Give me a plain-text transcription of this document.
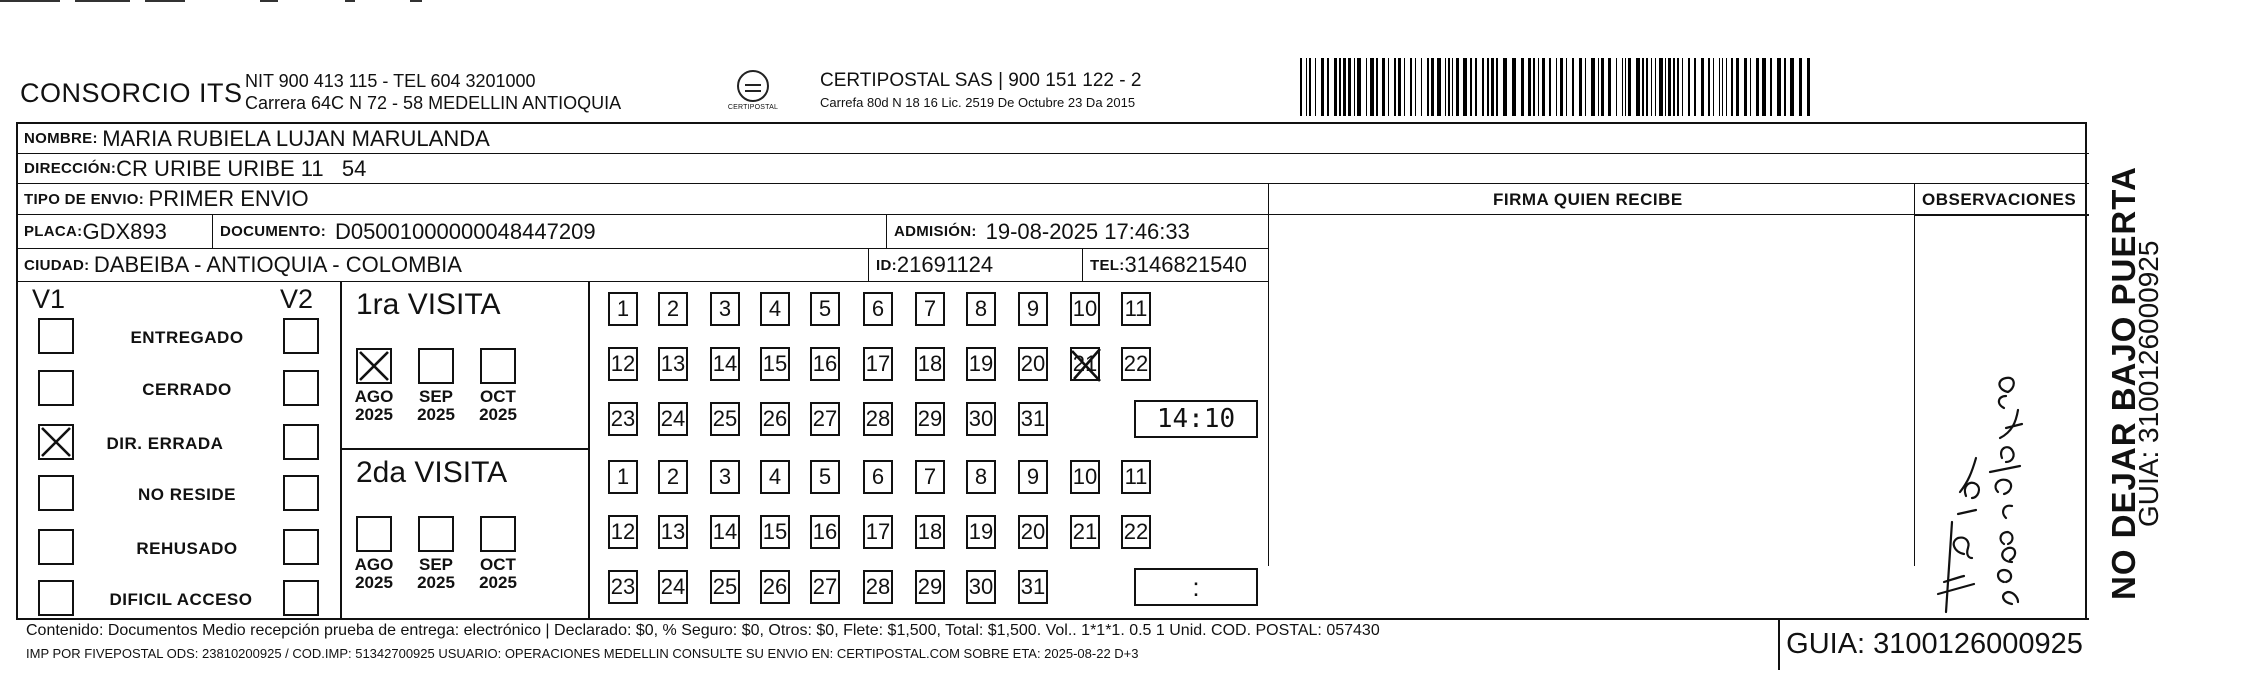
CONSORCIO ITS NIT 900 413 115 - TEL 604 3201000
Carrera 64C N 72 - 58 MEDELLIN ANTIOQUIA	CERTIPOSTAL
CERTIPOSTAL SAS | 900 151 122 - 2
Carrefa 80d N 18 16 Lic. 2519 De Octubre 23 Da 2015
NOMBRE:
MARIA RUBIELA LUJAN MARULANDA
DIRECCIÓN: CR URIBE URIBE 11   54
TIPO DE ENVIO:
PRIMER ENVIO	FIRMA QUIEN RECIBE	OBSERVACIONES
PLACA: GDX893	DOCUMENTO:
D05001000000048447209	ADMISIÓN:
19-08-2025 17:46:33
CIUDAD:
DABEIBA - ANTIOQUIA - COLOMBIA	ID: 21691124	TEL: 3146821540
V1	V2
ENTREGADO
CERRADO
DIR. ERRADA
NO RESIDE
REHUSADO
DIFICIL ACCESO
1ra VISITA
AGO
2025
SEP
2025
OCT
2025
2da VISITA
AGO
2025
SEP
2025
OCT
2025
1	2	3	4	5	6	7	8	9	10 11
12 13 14 15 16 17 18 19 20 21 22
23 24 25 26 27 28 29 30 31	14:10
1	2	3	4	5	6	7	8	9	10 11
12 13 14 15 16 17 18 19 20 21 22
23 24 25 26 27 28 29 30 31	:
Contenido: Documentos Medio recepción prueba de entrega: electrónico | Declarado: $0, % Seguro: $0, Otros: $0, Flete: $1,500, Total: $1,500. Vol.. 1*1*1. 0.5 1 Unid. COD. POSTAL: 057430
IMP POR FIVEPOSTAL ODS: 23810200925 / COD.IMP: 51342700925 USUARIO: OPERACIONES MEDELLIN CONSULTE SU ENVIO EN: CERTIPOSTAL.COM SOBRE ETA: 2025-08-22 D+3	GUIA: 3100126000925
NO DEJAR BAJO PUERTA
GUIA: 3100126000925
